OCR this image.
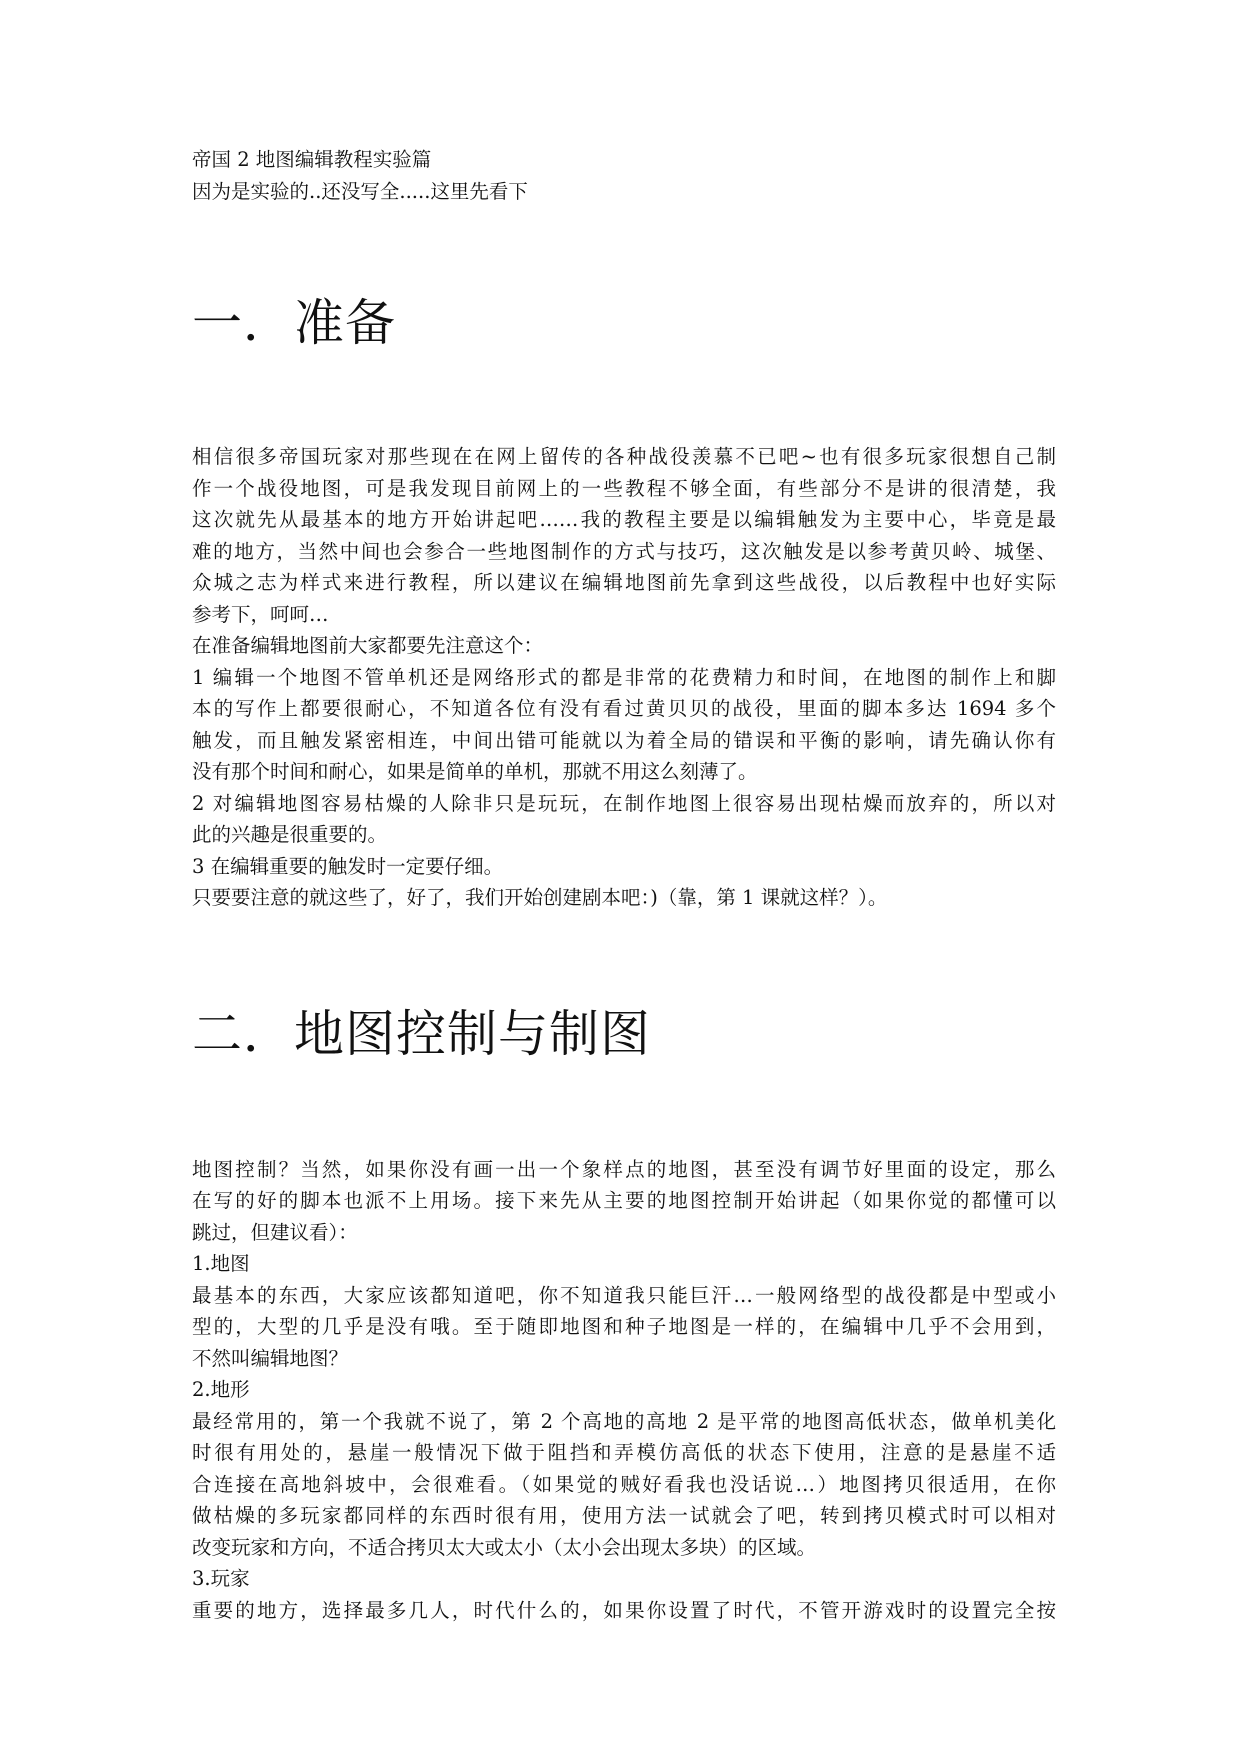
帝国 2 地图编辑教程实验篇
因为是实验的..还没写全.....这里先看下
一．准备
相信很多帝国玩家对那些现在在网上留传的各种战役羡慕不已吧~也有很多玩家很想自己制
作一个战役地图，可是我发现目前网上的一些教程不够全面，有些部分不是讲的很清楚，我
这次就先从最基本的地方开始讲起吧……我的教程主要是以编辑触发为主要中心，毕竟是最
难的地方，当然中间也会参合一些地图制作的方式与技巧，这次触发是以参考黄贝岭、城堡、
众城之志为样式来进行教程，所以建议在编辑地图前先拿到这些战役，以后教程中也好实际
参考下，呵呵…
在准备编辑地图前大家都要先注意这个：
1 编辑一个地图不管单机还是网络形式的都是非常的花费精力和时间，在地图的制作上和脚
本的写作上都要很耐心，不知道各位有没有看过黄贝贝的战役，里面的脚本多达 1694 多个
触发，而且触发紧密相连，中间出错可能就以为着全局的错误和平衡的影响，请先确认你有
没有那个时间和耐心，如果是简单的单机，那就不用这么刻薄了。
2 对编辑地图容易枯燥的人除非只是玩玩，在制作地图上很容易出现枯燥而放弃的，所以对
此的兴趣是很重要的。
3 在编辑重要的触发时一定要仔细。
只要要注意的就这些了，好了，我们开始创建剧本吧：)（靠，第 1 课就这样？）。
二．地图控制与制图
地图控制？当然，如果你没有画一出一个象样点的地图，甚至没有调节好里面的设定，那么
在写的好的脚本也派不上用场。接下来先从主要的地图控制开始讲起（如果你觉的都懂可以
跳过，但建议看）：
1.地图
最基本的东西，大家应该都知道吧，你不知道我只能巨汗…一般网络型的战役都是中型或小
型的，大型的几乎是没有哦。至于随即地图和种子地图是一样的，在编辑中几乎不会用到，
不然叫编辑地图？
2.地形
最经常用的，第一个我就不说了，第 2 个高地的高地 2 是平常的地图高低状态，做单机美化
时很有用处的，悬崖一般情况下做于阻挡和弄模仿高低的状态下使用，注意的是悬崖不适
合连接在高地斜坡中，会很难看。（如果觉的贼好看我也没话说…）地图拷贝很适用，在你
做枯燥的多玩家都同样的东西时很有用，使用方法一试就会了吧，转到拷贝模式时可以相对
改变玩家和方向，不适合拷贝太大或太小（太小会出现太多块）的区域。
3.玩家
重要的地方，选择最多几人，时代什么的，如果你设置了时代，不管开游戏时的设置完全按
